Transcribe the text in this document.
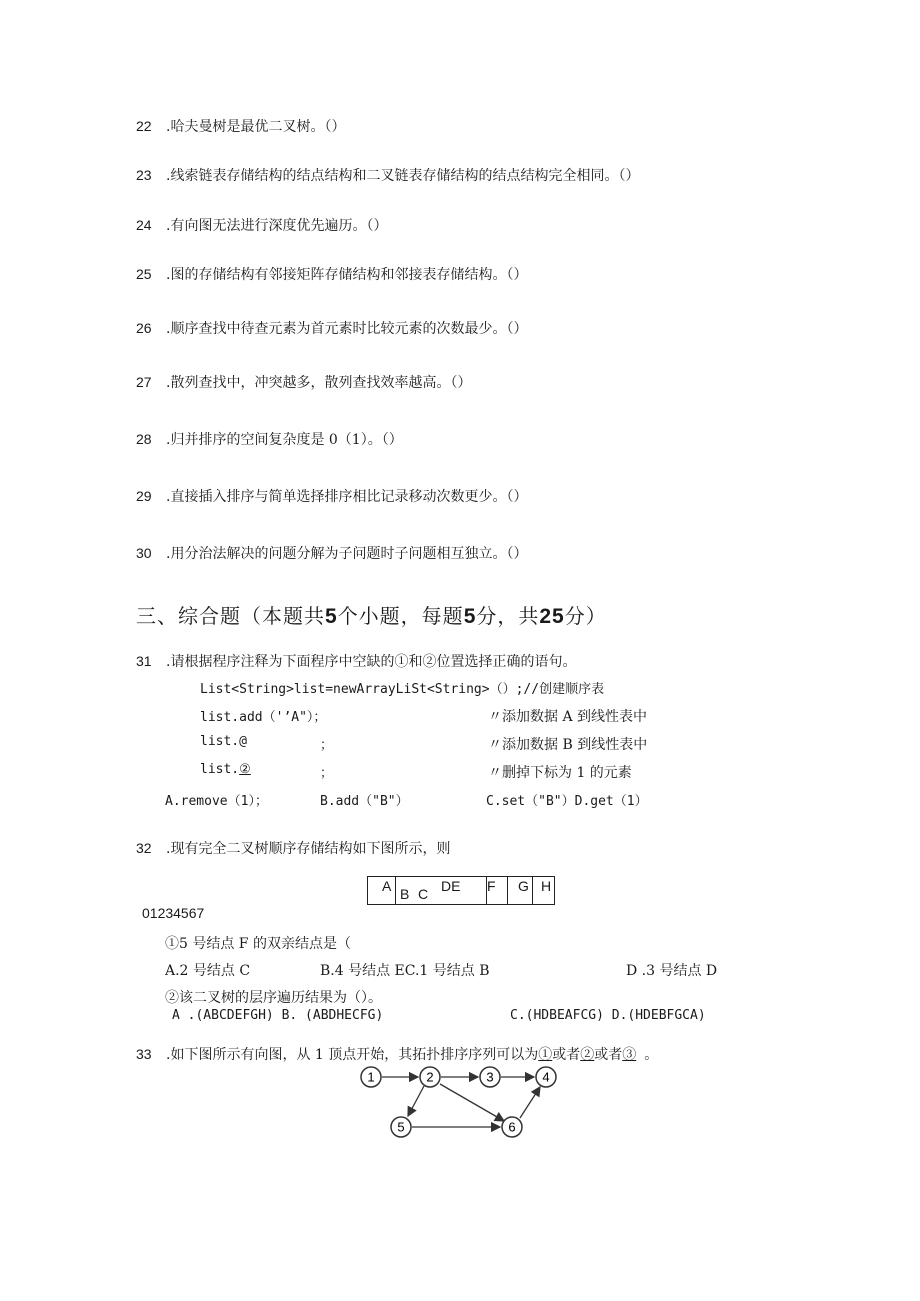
22 .哈夫曼树是最优二叉树。（）
23 .线索链表存储结构的结点结构和二叉链表存储结构的结点结构完全相同。（）
24 .有向图无法进行深度优先遍历。（）
25 .图的存储结构有邻接矩阵存储结构和邻接表存储结构。（）
26 .顺序查找中待查元素为首元素时比较元素的次数最少。（）
27 .散列查找中，冲突越多，散列查找效率越高。（）
28 .归并排序的空间复杂度是 0（1）。（）
29 .直接插入排序与简单选择排序相比记录移动次数更少。（）
30 .用分治法解决的问题分解为子问题时子问题相互独立。（）
三、综合题（本题共5个小题，每题5分，共25分）
31 .请根据程序注释为下面程序中空缺的①和②位置选择正确的语句。
List<String>list=newArrayLiSt<String>（）;//创建顺序表
list.add（'’A"）；	〃添加数据 A 到线性表中
list.@	；	〃添加数据 B 到线性表中
list.②	；	〃删掉下标为 1 的元素
A.remove（1）；	B.add（"B"）	C.set（"B"）D.get（1）
32 .现有完全二叉树顺序存储结构如下图所示，则
A B C DE F G H
01234567
①5 号结点 F 的双亲结点是（
A.2 号结点 C	B.4 号结点 EC.1 号结点 B	D .3 号结点 D
②该二叉树的层序遍历结果为（）。
A .(ABCDEFGH) B. (ABDHECFG)	C.(HDBEAFCG) D.(HDEBFGCA)
33 .如下图所示有向图，从 1 顶点开始，其拓扑排序序列可以为①或者②或者③ 。
1	2	3	4
5	6
